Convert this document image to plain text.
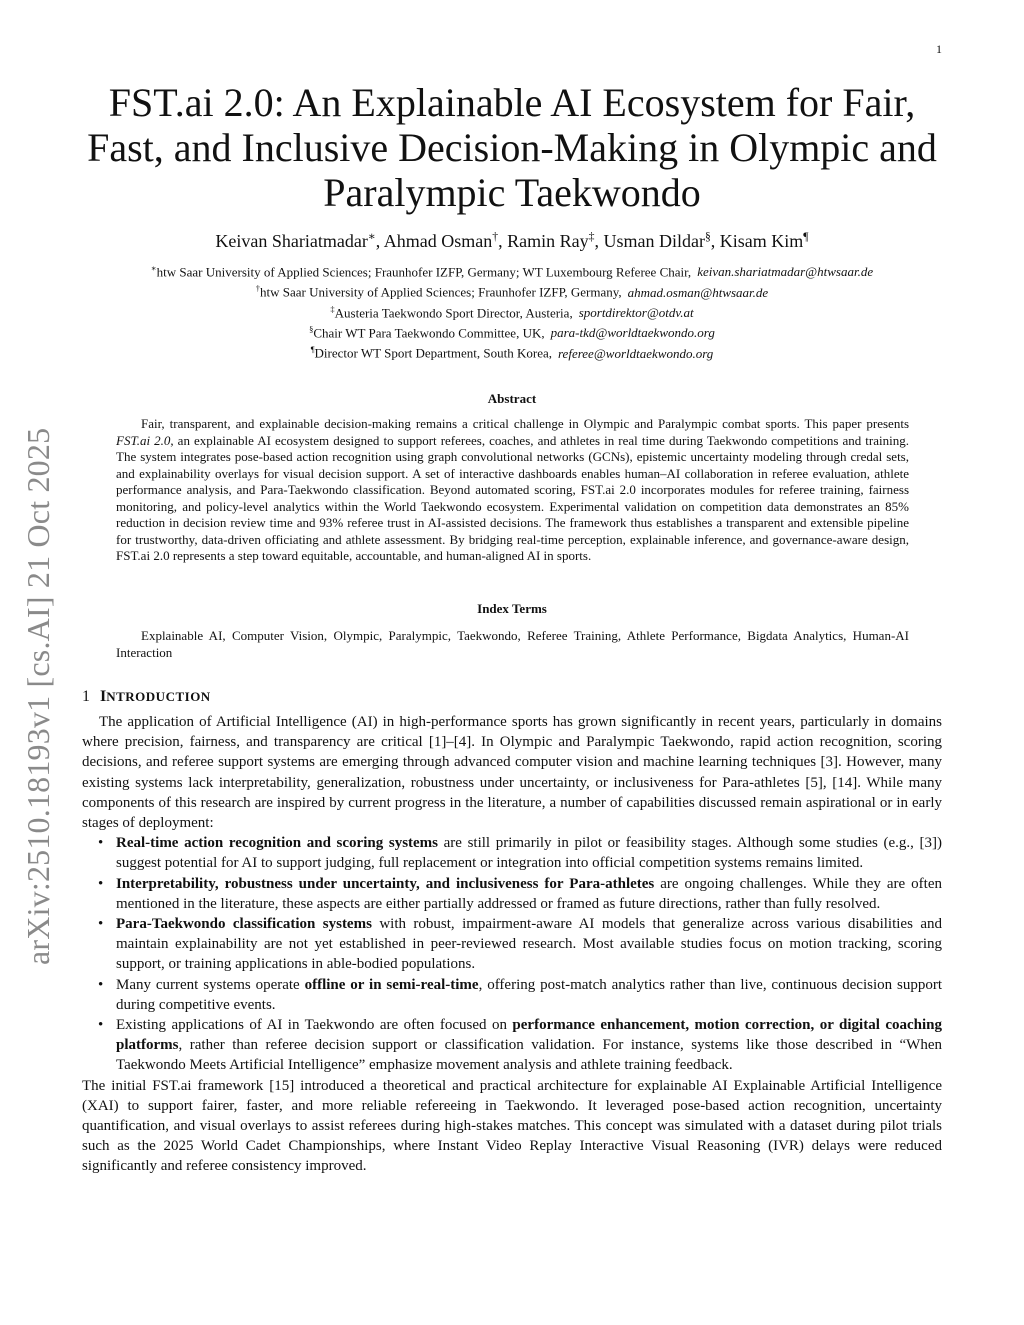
1
arXiv:2510.18193v1 [cs.AI] 21 Oct 2025
FST.ai 2.0: An Explainable AI Ecosystem for Fair, Fast, and Inclusive Decision-Making in Olympic and Paralympic Taekwondo
Keivan Shariatmadar∗, Ahmad Osman†, Ramin Ray‡, Usman Dildar§, Kisam Kim¶
∗htw Saar University of Applied Sciences; Fraunhofer IZFP, Germany; WT Luxembourg Referee Chair, keivan.shariatmadar@htwsaar.de
†htw Saar University of Applied Sciences; Fraunhofer IZFP, Germany, ahmad.osman@htwsaar.de
‡Austeria Taekwondo Sport Director, Austeria, sportdirektor@otdv.at
§Chair WT Para Taekwondo Committee, UK, para-tkd@worldtaekwondo.org
¶Director WT Sport Department, South Korea, referee@worldtaekwondo.org
Abstract

Fair, transparent, and explainable decision-making remains a critical challenge in Olympic and Paralympic combat sports. This paper presents FST.ai 2.0, an explainable AI ecosystem designed to support referees, coaches, and athletes in real time during Taekwondo competitions and training. The system integrates pose-based action recognition using graph convolutional networks (GCNs), epistemic uncertainty modeling through credal sets, and explainability overlays for visual decision support. A set of interactive dashboards enables human–AI collaboration in referee evaluation, athlete performance analysis, and Para-Taekwondo classification. Beyond automated scoring, FST.ai 2.0 incorporates modules for referee training, fairness monitoring, and policy-level analytics within the World Taekwondo ecosystem. Experimental validation on competition data demonstrates an 85% reduction in decision review time and 93% referee trust in AI-assisted decisions. The framework thus establishes a transparent and extensible pipeline for trustworthy, data-driven officiating and athlete assessment. By bridging real-time perception, explainable inference, and governance-aware design, FST.ai 2.0 represents a step toward equitable, accountable, and human-aligned AI in sports.

Index Terms

Explainable AI, Computer Vision, Olympic, Paralympic, Taekwondo, Referee Training, Athlete Performance, Bigdata Analytics, Human-AI Interaction

1 INTRODUCTION

The application of Artificial Intelligence (AI) in high-performance sports has grown significantly in recent years, particularly in domains where precision, fairness, and transparency are critical [1]–[4]. In Olympic and Paralympic Taekwondo, rapid action recognition, scoring decisions, and referee support systems are emerging through advanced computer vision and machine learning techniques [3]. However, many existing systems lack interpretability, generalization, robustness under uncertainty, or inclusiveness for Para-athletes [5], [14]. While many components of this research are inspired by current progress in the literature, a number of capabilities discussed remain aspirational or in early stages of deployment:

• Real-time action recognition and scoring systems are still primarily in pilot or feasibility stages. Although some studies (e.g., [3]) suggest potential for AI to support judging, full replacement or integration into official competition systems remains limited.
• Interpretability, robustness under uncertainty, and inclusiveness for Para-athletes are ongoing challenges. While they are often mentioned in the literature, these aspects are either partially addressed or framed as future directions, rather than fully resolved.
• Para-Taekwondo classification systems with robust, impairment-aware AI models that generalize across various disabilities and maintain explainability are not yet established in peer-reviewed research. Most available studies focus on motion tracking, scoring support, or training applications in able-bodied populations.
• Many current systems operate offline or in semi-real-time, offering post-match analytics rather than live, continuous decision support during competitive events.
• Existing applications of AI in Taekwondo are often focused on performance enhancement, motion correction, or digital coaching platforms, rather than referee decision support or classification validation. For instance, systems like those described in “When Taekwondo Meets Artificial Intelligence” emphasize movement analysis and athlete training feedback.

The initial FST.ai framework [15] introduced a theoretical and practical architecture for explainable AI Explainable Artificial Intelligence (XAI) to support fairer, faster, and more reliable refereeing in Taekwondo. It leveraged pose-based action recognition, uncertainty quantification, and visual overlays to assist referees during high-stakes matches. This concept was simulated with a dataset during pilot trials such as the 2025 World Cadet Championships, where Instant Video Replay Interactive Visual Reasoning (IVR) delays were reduced significantly and referee consistency improved.
